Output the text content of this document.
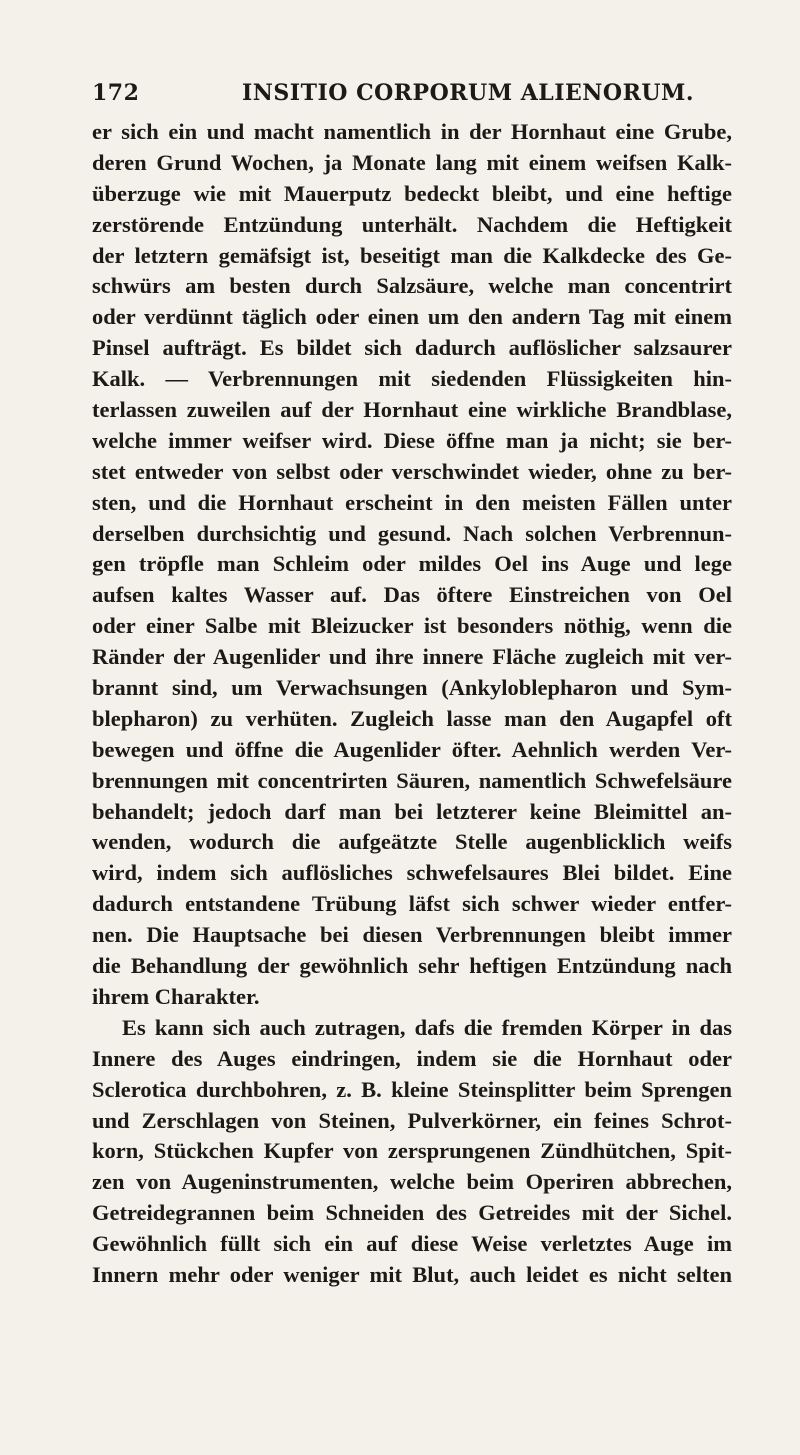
172	INSITIO CORPORUM ALIENORUM.
er sich ein und macht namentlich in der Hornhaut eine Grube,
deren Grund Wochen, ja Monate lang mit einem weifsen Kalk-
überzuge wie mit Mauerputz bedeckt bleibt, und eine heftige
zerstörende Entzündung unterhält. Nachdem die Heftigkeit
der letztern gemäfsigt ist, beseitigt man die Kalkdecke des Ge-
schwürs am besten durch Salzsäure, welche man concentrirt
oder verdünnt täglich oder einen um den andern Tag mit einem
Pinsel aufträgt. Es bildet sich dadurch auflöslicher salzsaurer
Kalk. — Verbrennungen mit siedenden Flüssigkeiten hin-
terlassen zuweilen auf der Hornhaut eine wirkliche Brandblase,
welche immer weifser wird. Diese öffne man ja nicht; sie ber-
stet entweder von selbst oder verschwindet wieder, ohne zu ber-
sten, und die Hornhaut erscheint in den meisten Fällen unter
derselben durchsichtig und gesund. Nach solchen Verbrennun-
gen tröpfle man Schleim oder mildes Oel ins Auge und lege
aufsen kaltes Wasser auf. Das öftere Einstreichen von Oel
oder einer Salbe mit Bleizucker ist besonders nöthig, wenn die
Ränder der Augenlider und ihre innere Fläche zugleich mit ver-
brannt sind, um Verwachsungen (Ankyloblepharon und Sym-
blepharon) zu verhüten. Zugleich lasse man den Augapfel oft
bewegen und öffne die Augenlider öfter. Aehnlich werden Ver-
brennungen mit concentrirten Säuren, namentlich Schwefelsäure
behandelt; jedoch darf man bei letzterer keine Bleimittel an-
wenden, wodurch die aufgeätzte Stelle augenblicklich weifs
wird, indem sich auflösliches schwefelsaures Blei bildet. Eine
dadurch entstandene Trübung läfst sich schwer wieder entfer-
nen. Die Hauptsache bei diesen Verbrennungen bleibt immer
die Behandlung der gewöhnlich sehr heftigen Entzündung nach
ihrem Charakter.
Es kann sich auch zutragen, dafs die fremden Körper in das
Innere des Auges eindringen, indem sie die Hornhaut oder
Sclerotica durchbohren, z. B. kleine Steinsplitter beim Sprengen
und Zerschlagen von Steinen, Pulverkörner, ein feines Schrot-
korn, Stückchen Kupfer von zersprungenen Zündhütchen, Spit-
zen von Augeninstrumenten, welche beim Operiren abbrechen,
Getreidegrannen beim Schneiden des Getreides mit der Sichel.
Gewöhnlich füllt sich ein auf diese Weise verletztes Auge im
Innern mehr oder weniger mit Blut, auch leidet es nicht selten
